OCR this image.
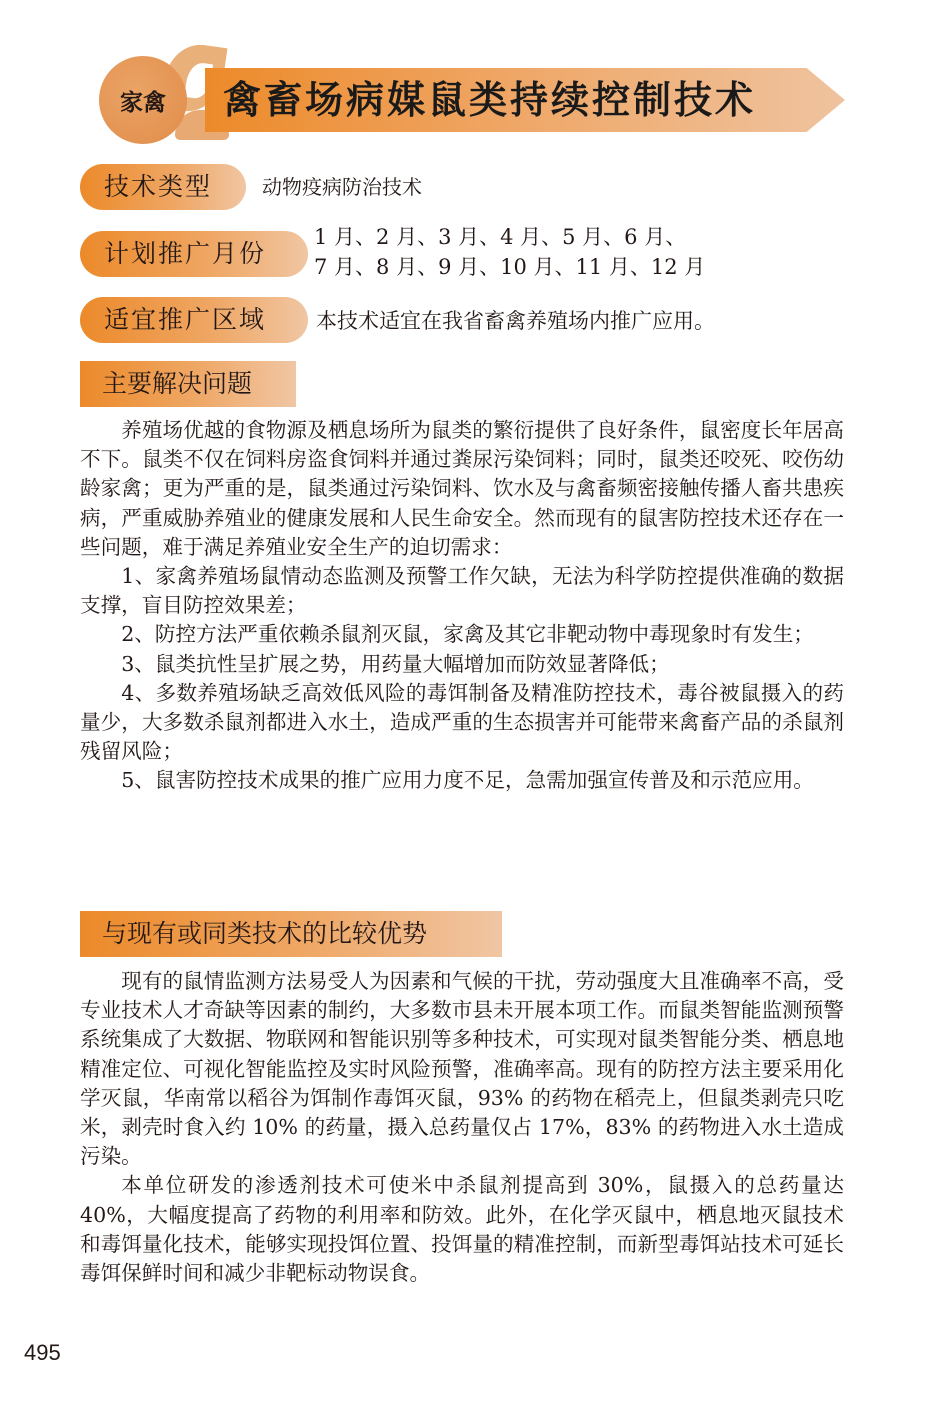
家禽 禽畜场病媒鼠类持续控制技术
技术类型	动物疫病防治技术
计划推广月份
1 月、2 月、3 月、4 月、5 月、6 月、
7 月、8 月、9 月、10 月、11 月、12 月
适宜推广区域	本技术适宜在我省畜禽养殖场内推广应用。
主要解决问题

养殖场优越的食物源及栖息场所为鼠类的繁衍提供了良好条件，鼠密度长年居高不下。鼠类不仅在饲料房盗食饲料并通过粪尿污染饲料；同时，鼠类还咬死、咬伤幼龄家禽；更为严重的是，鼠类通过污染饲料、饮水及与禽畜频密接触传播人畜共患疾病，严重威胁养殖业的健康发展和人民生命安全。然而现有的鼠害防控技术还存在一些问题，难于满足养殖业安全生产的迫切需求：

1、家禽养殖场鼠情动态监测及预警工作欠缺，无法为科学防控提供准确的数据支撑，盲目防控效果差；

2、防控方法严重依赖杀鼠剂灭鼠，家禽及其它非靶动物中毒现象时有发生；

3、鼠类抗性呈扩展之势，用药量大幅增加而防效显著降低；

4、多数养殖场缺乏高效低风险的毒饵制备及精准防控技术，毒谷被鼠摄入的药量少，大多数杀鼠剂都进入水土，造成严重的生态损害并可能带来禽畜产品的杀鼠剂残留风险；

5、鼠害防控技术成果的推广应用力度不足，急需加强宣传普及和示范应用。

与现有或同类技术的比较优势

现有的鼠情监测方法易受人为因素和气候的干扰，劳动强度大且准确率不高，受专业技术人才奇缺等因素的制约，大多数市县未开展本项工作。而鼠类智能监测预警系统集成了大数据、物联网和智能识别等多种技术，可实现对鼠类智能分类、栖息地精准定位、可视化智能监控及实时风险预警，准确率高。现有的防控方法主要采用化学灭鼠，华南常以稻谷为饵制作毒饵灭鼠，93% 的药物在稻壳上，但鼠类剥壳只吃米，剥壳时食入约 10% 的药量，摄入总药量仅占 17%，83% 的药物进入水土造成污染。

本单位研发的渗透剂技术可使米中杀鼠剂提高到 30%，鼠摄入的总药量达 40%，大幅度提高了药物的利用率和防效。此外，在化学灭鼠中，栖息地灭鼠技术和毒饵量化技术，能够实现投饵位置、投饵量的精准控制，而新型毒饵站技术可延长毒饵保鲜时间和减少非靶标动物误食。

495
